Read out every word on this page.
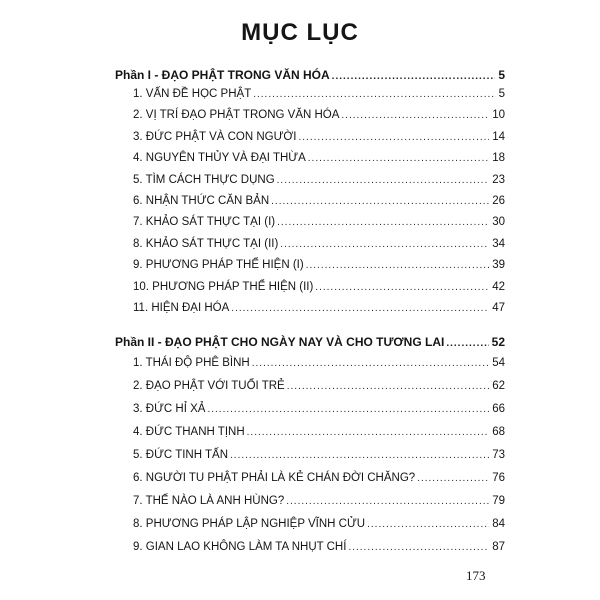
MỤC LỤC
Phần I - ĐẠO PHẬT TRONG VĂN HÓA .....	5
1. VẤN ĐỀ HỌC PHẬT .....	5
2. VỊ TRÍ ĐẠO PHẬT TRONG VĂN HÓA .....	10
3. ĐỨC PHẬT VÀ CON NGƯỜI .....	14
4. NGUYÊN THỦY VÀ ĐẠI THỪA .....	18
5. TÌM CÁCH THỰC DỤNG .....	23
6. NHẬN THỨC CĂN BẢN .....	26
7. KHẢO SÁT THỰC TẠI (I) .....	30
8. KHẢO SÁT THỰC TẠI (II) .....	34
9. PHƯƠNG PHÁP THỂ HIỆN (I) .....	39
10. PHƯƠNG PHÁP THỂ HIỆN (II) .....	42
11. HIỆN ĐẠI HÓA .....	47
Phần II - ĐẠO PHẬT CHO NGÀY NAY VÀ CHO TƯƠNG LAI .....	52
1. THÁI ĐỘ PHÊ BÌNH .....	54
2. ĐẠO PHẬT VỚI TUỔI TRẺ .....	62
3. ĐỨC HỈ XẢ .....	66
4. ĐỨC THANH TỊNH .....	68
5. ĐỨC TINH TẤN .....	73
6. NGƯỜI TU PHẬT PHẢI LÀ KẺ CHÁN ĐỜI CHĂNG? .....	76
7. THẾ NÀO LÀ ANH HÙNG? .....	79
8. PHƯƠNG PHÁP LẬP NGHIỆP VĨNH CỬU .....	84
9. GIAN LAO KHÔNG LÀM TA NHỤT CHÍ .....	87
173
